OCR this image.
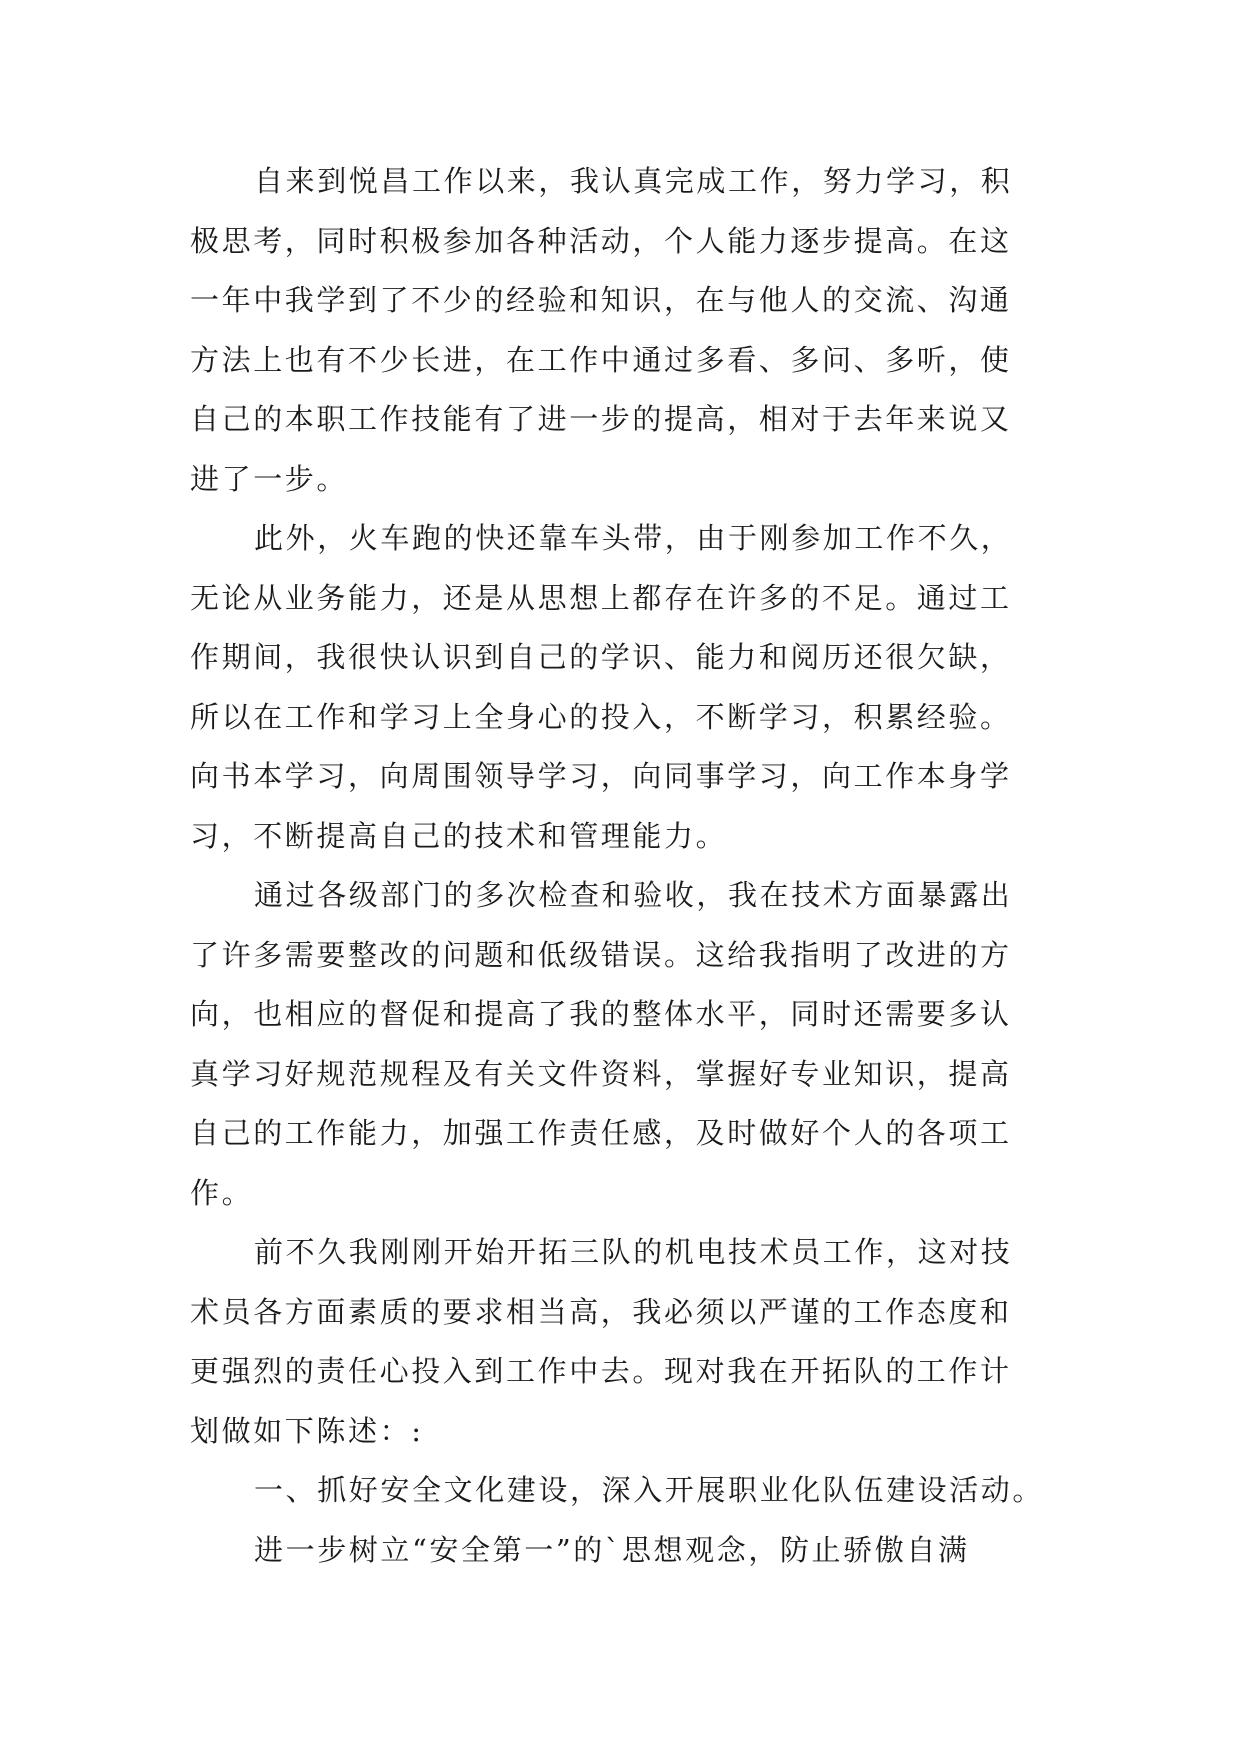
自来到悦昌工作以来，我认真完成工作，努力学习，积
极思考，同时积极参加各种活动，个人能力逐步提高。在这
一年中我学到了不少的经验和知识，在与他人的交流、沟通
方法上也有不少长进，在工作中通过多看、多问、多听，使
自己的本职工作技能有了进一步的提高，相对于去年来说又
进了一步。

此外，火车跑的快还靠车头带，由于刚参加工作不久，
无论从业务能力，还是从思想上都存在许多的不足。通过工
作期间，我很快认识到自己的学识、能力和阅历还很欠缺，
所以在工作和学习上全身心的投入，不断学习，积累经验。
向书本学习，向周围领导学习，向同事学习，向工作本身学
习，不断提高自己的技术和管理能力。

通过各级部门的多次检查和验收，我在技术方面暴露出
了许多需要整改的问题和低级错误。这给我指明了改进的方
向，也相应的督促和提高了我的整体水平，同时还需要多认
真学习好规范规程及有关文件资料，掌握好专业知识，提高
自己的工作能力，加强工作责任感，及时做好个人的各项工
作。

前不久我刚刚开始开拓三队的机电技术员工作，这对技
术员各方面素质的要求相当高，我必须以严谨的工作态度和
更强烈的责任心投入到工作中去。现对我在开拓队的工作计
划做如下陈述：:

一、抓好安全文化建设，深入开展职业化队伍建设活动。

进一步树立“安全第一”的`思想观念，防止骄傲自满
